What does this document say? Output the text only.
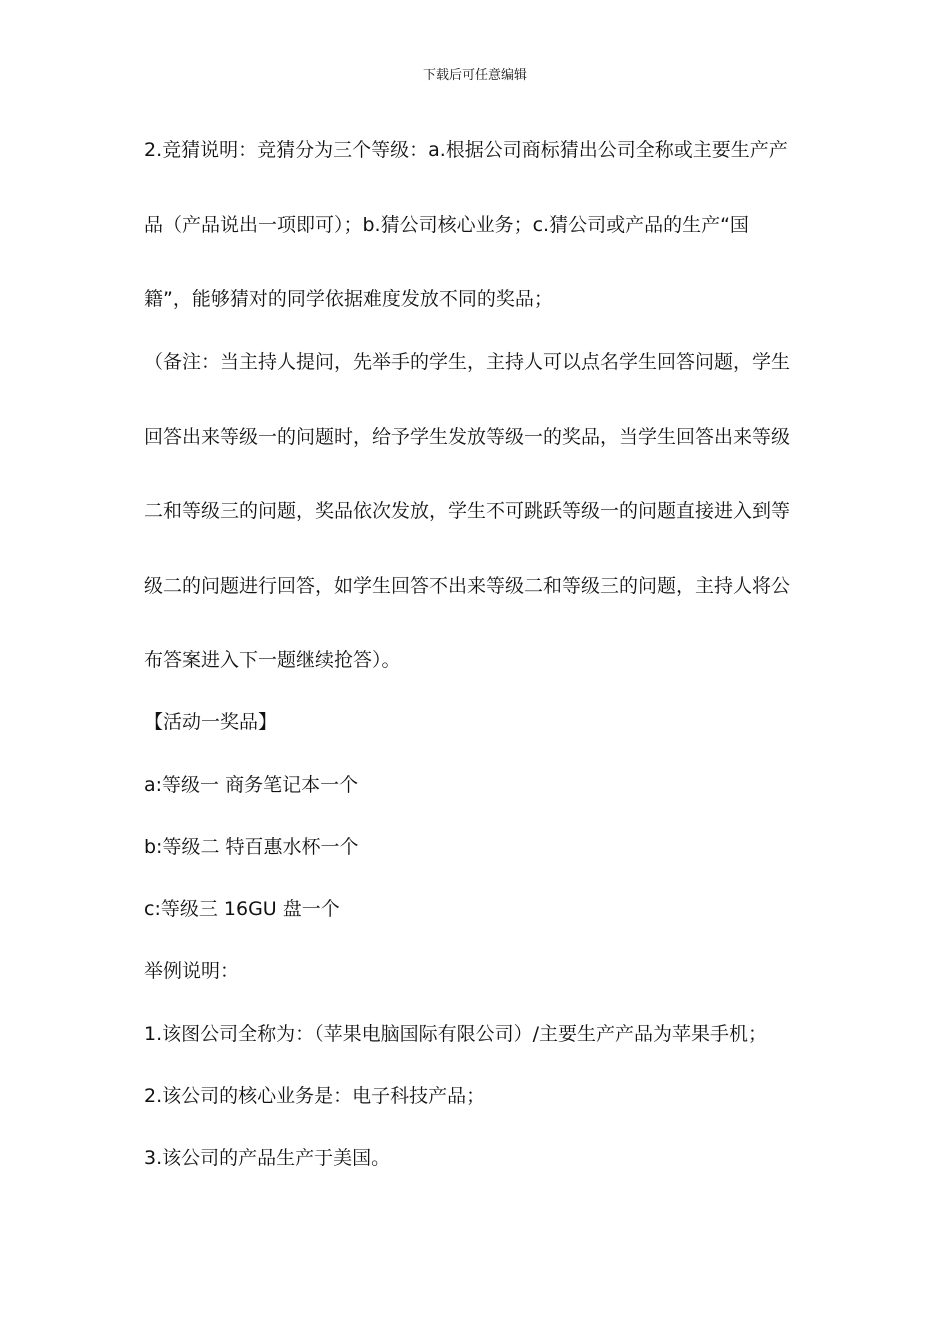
下载后可任意编辑
2.竞猜说明：竞猜分为三个等级：a.根据公司商标猜出公司全称或主要生产产
品（产品说出一项即可）；b.猜公司核心业务；c.猜公司或产品的生产“国
籍”，能够猜对的同学依据难度发放不同的奖品；
（备注：当主持人提问，先举手的学生，主持人可以点名学生回答问题，学生
回答出来等级一的问题时，给予学生发放等级一的奖品，当学生回答出来等级
二和等级三的问题，奖品依次发放，学生不可跳跃等级一的问题直接进入到等
级二的问题进行回答，如学生回答不出来等级二和等级三的问题，主持人将公
布答案进入下一题继续抢答）。
【活动一奖品】
a:等级一 商务笔记本一个
b:等级二 特百惠水杯一个
c:等级三 16GU 盘一个
举例说明：
1.该图公司全称为：（苹果电脑国际有限公司）/主要生产产品为苹果手机；
2.该公司的核心业务是：电子科技产品；
3.该公司的产品生产于美国。
